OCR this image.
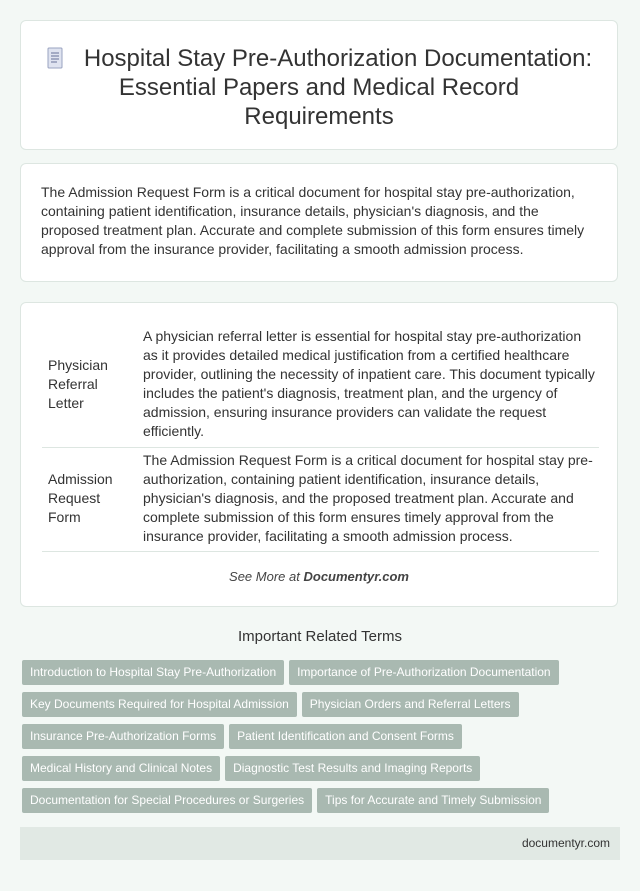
Hospital Stay Pre-Authorization Documentation: Essential Papers and Medical Record Requirements

The Admission Request Form is a critical document for hospital stay pre-authorization, containing patient identification, insurance details, physician's diagnosis, and the proposed treatment plan. Accurate and complete submission of this form ensures timely approval from the insurance provider, facilitating a smooth admission process.

Physician Referral Letter	A physician referral letter is essential for hospital stay pre-authorization as it provides detailed medical justification from a certified healthcare provider, outlining the necessity of inpatient care. This document typically includes the patient's diagnosis, treatment plan, and the urgency of admission, ensuring insurance providers can validate the request efficiently.
Admission Request Form	The Admission Request Form is a critical document for hospital stay pre-authorization, containing patient identification, insurance details, physician's diagnosis, and the proposed treatment plan. Accurate and complete submission of this form ensures timely approval from the insurance provider, facilitating a smooth admission process.
See More at Documentyr.com
Important Related Terms
Introduction to Hospital Stay Pre-Authorization Importance of Pre-Authorization Documentation
Key Documents Required for Hospital Admission Physician Orders and Referral Letters
Insurance Pre-Authorization Forms Patient Identification and Consent Forms
Medical History and Clinical Notes Diagnostic Test Results and Imaging Reports
Documentation for Special Procedures or Surgeries Tips for Accurate and Timely Submission
documentyr.com
